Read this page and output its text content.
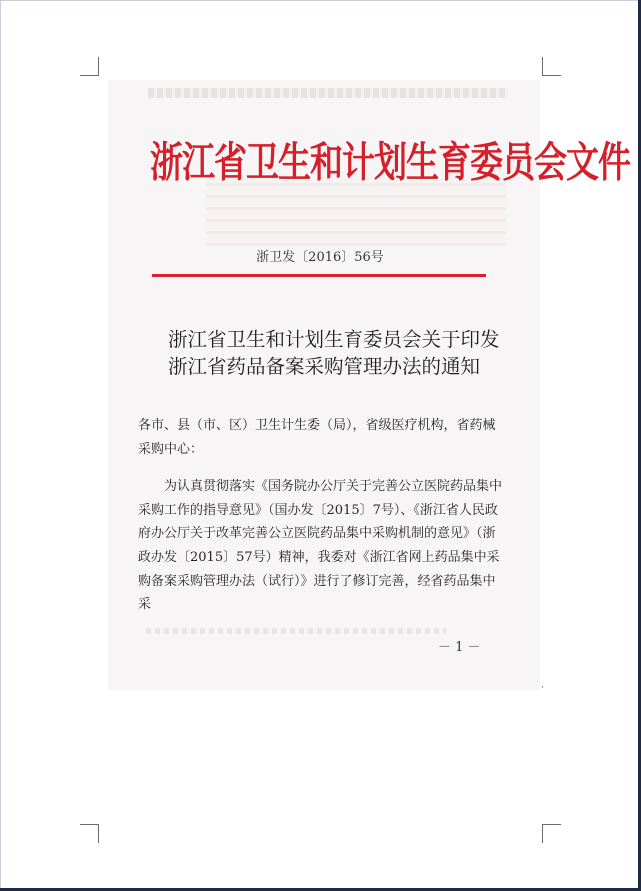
浙江省卫生和计划生育委员会文件
浙卫发〔2016〕56号
浙江省卫生和计划生育委员会关于印发
浙江省药品备案采购管理办法的通知

各市、县（市、区）卫生计生委（局），省级医疗机构，省药械采购中心：

为认真贯彻落实《国务院办公厅关于完善公立医院药品集中

采购工作的指导意见》（国办发〔2015〕7号）、《浙江省人民政

府办公厅关于改革完善公立医院药品集中采购机制的意见》（浙

政办发〔2015〕57号）精神，我委对《浙江省网上药品集中采

购备案采购管理办法（试行）》进行了修订完善，经省药品集中采

－ 1 －
·
